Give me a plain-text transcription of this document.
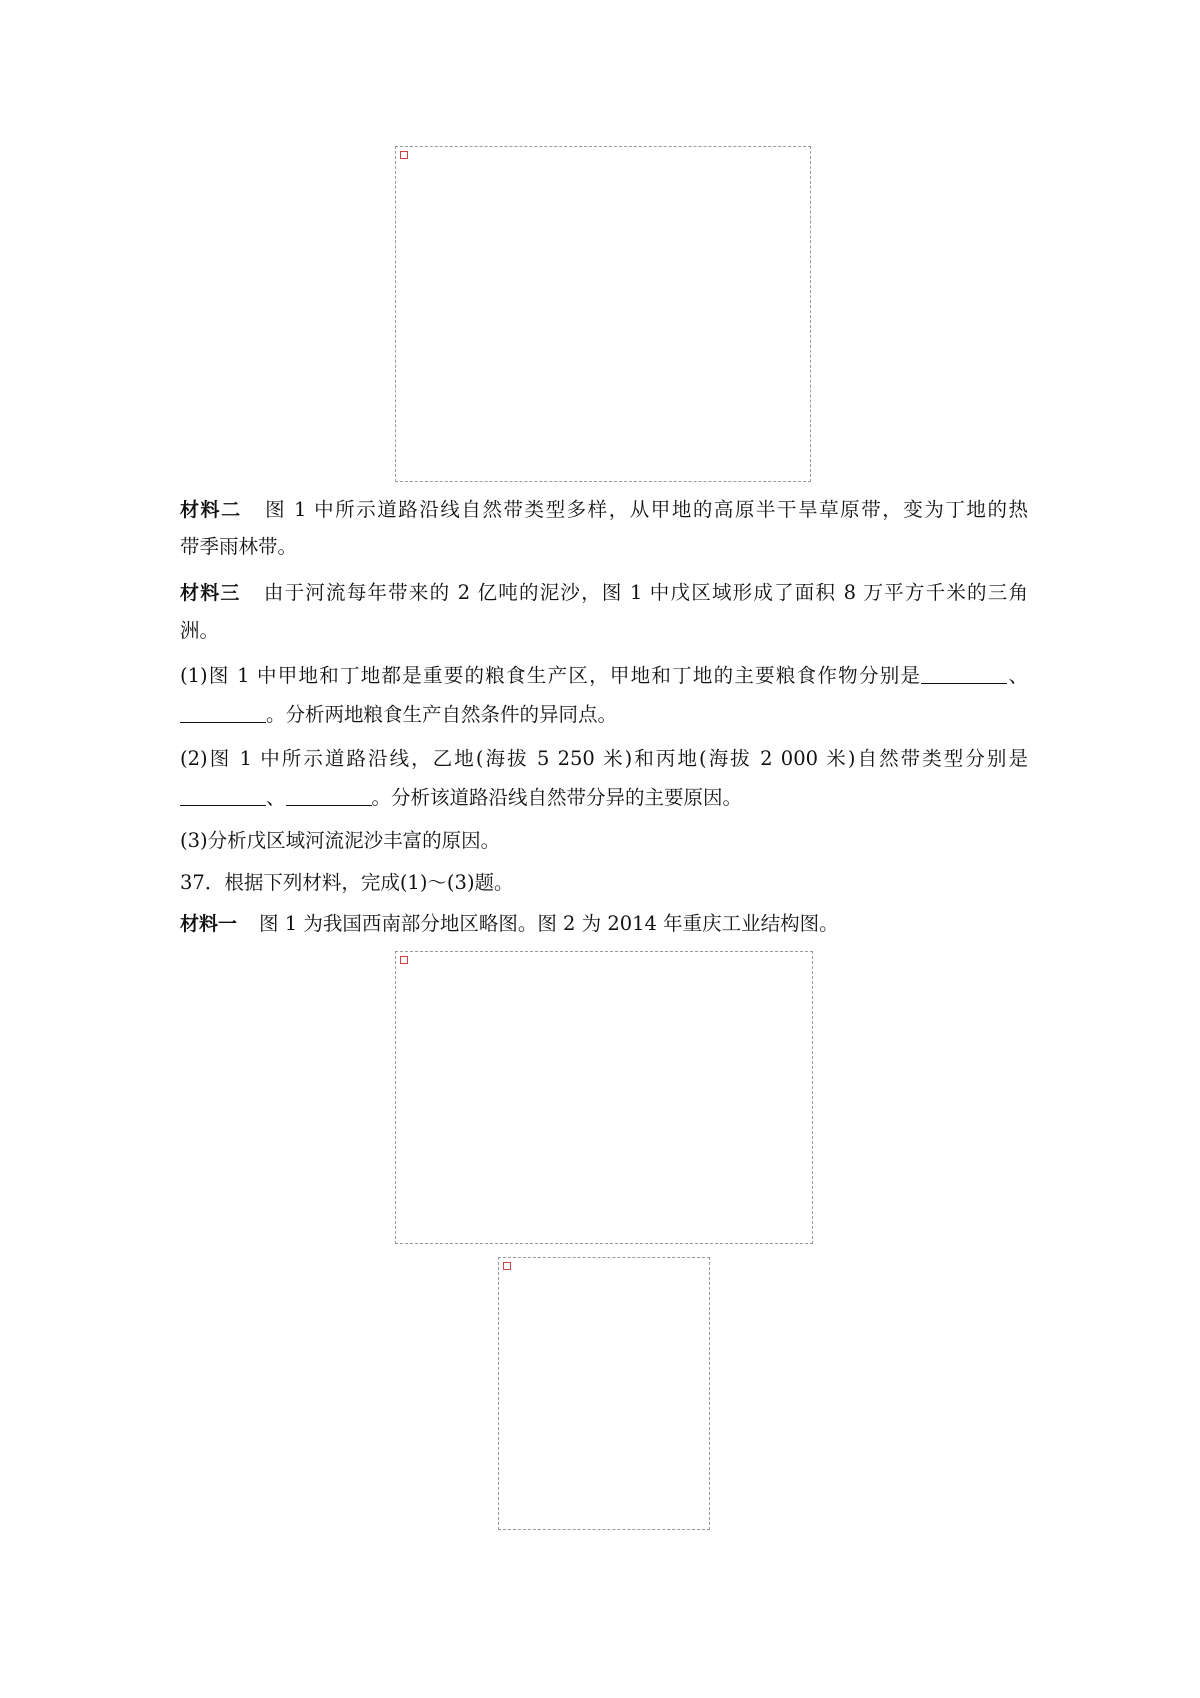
材料二 图 1 中所示道路沿线自然带类型多样，从甲地的高原半干旱草原带，变为丁地的热
带季雨林带。
材料三 由于河流每年带来的 2 亿吨的泥沙，图 1 中戊区域形成了面积 8 万平方千米的三角
洲。
(1)图 1 中甲地和丁地都是重要的粮食生产区，甲地和丁地的主要粮食作物分别是	、
。分析两地粮食生产自然条件的异同点。
(2)图 1 中所示道路沿线，乙地(海拔 5 250 米)和丙地(海拔 2 000 米)自然带类型分别是
、	。分析该道路沿线自然带分异的主要原因。
(3)分析戊区域河流泥沙丰富的原因。
37．根据下列材料，完成(1)～(3)题。
材料一 图 1 为我国西南部分地区略图。图 2 为 2014 年重庆工业结构图。
